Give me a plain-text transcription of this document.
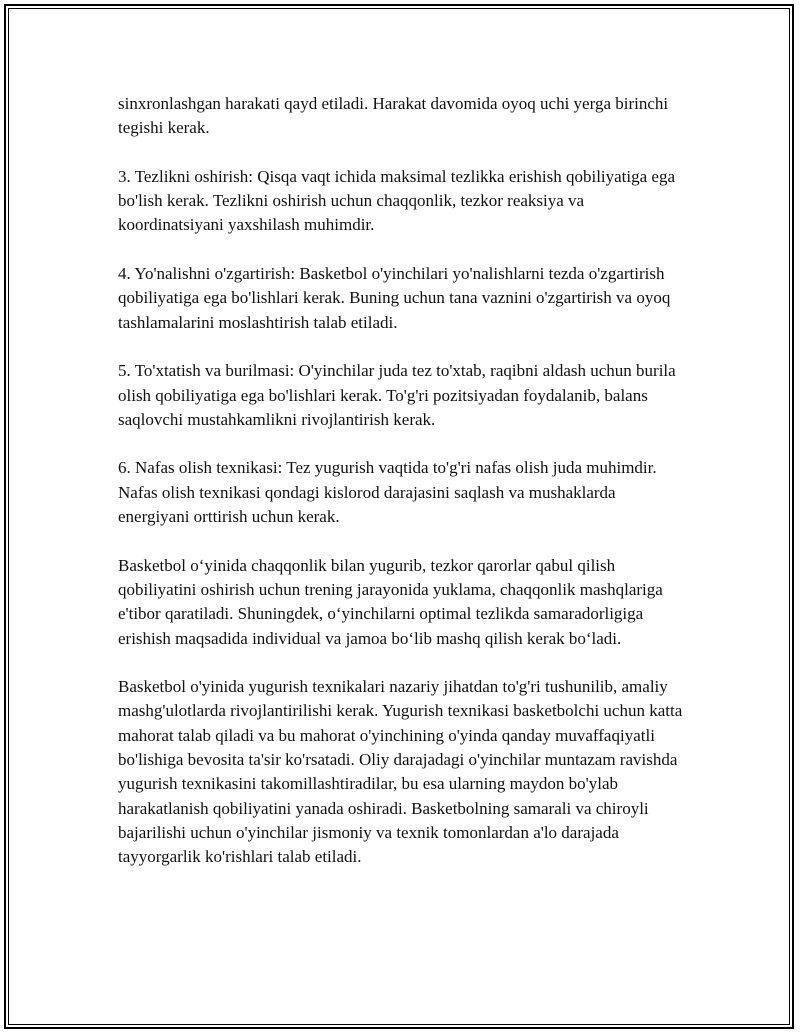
sinxronlashgan harakati qayd etiladi. Harakat davomida oyoq uchi yerga birinchi tegishi kerak.

3. Tezlikni oshirish: Qisqa vaqt ichida maksimal tezlikka erishish qobiliyatiga ega bo'lish kerak. Tezlikni oshirish uchun chaqqonlik, tezkor reaksiya va koordinatsiyani yaxshilash muhimdir.

4. Yo'nalishni o'zgartirish: Basketbol o'yinchilari yo'nalishlarni tezda o'zgartirish qobiliyatiga ega bo'lishlari kerak. Buning uchun tana vaznini o'zgartirish va oyoq tashlamalarini moslashtirish talab etiladi.

5. To'xtatish va burilmasi: O'yinchilar juda tez to'xtab, raqibni aldash uchun burila olish qobiliyatiga ega bo'lishlari kerak. To'g'ri pozitsiyadan foydalanib, balans saqlovchi mustahkamlikni rivojlantirish kerak.

6. Nafas olish texnikasi: Tez yugurish vaqtida to'g'ri nafas olish juda muhimdir. Nafas olish texnikasi qondagi kislorod darajasini saqlash va mushaklarda energiyani orttirish uchun kerak.

Basketbol o‘yinida chaqqonlik bilan yugurib, tezkor qarorlar qabul qilish qobiliyatini oshirish uchun trening jarayonida yuklama, chaqqonlik mashqlariga e'tibor qaratiladi. Shuningdek, o‘yinchilarni optimal tezlikda samaradorligiga erishish maqsadida individual va jamoa bo‘lib mashq qilish kerak bo‘ladi.

Basketbol o'yinida yugurish texnikalari nazariy jihatdan to'g'ri tushunilib, amaliy mashg'ulotlarda rivojlantirilishi kerak. Yugurish texnikasi basketbolchi uchun katta mahorat talab qiladi va bu mahorat o'yinchining o'yinda qanday muvaffaqiyatli bo'lishiga bevosita ta'sir ko'rsatadi. Oliy darajadagi o'yinchilar muntazam ravishda yugurish texnikasini takomillashtiradilar, bu esa ularning maydon bo'ylab harakatlanish qobiliyatini yanada oshiradi. Basketbolning samarali va chiroyli bajarilishi uchun o'yinchilar jismoniy va texnik tomonlardan a'lo darajada tayyorgarlik ko'rishlari talab etiladi.
